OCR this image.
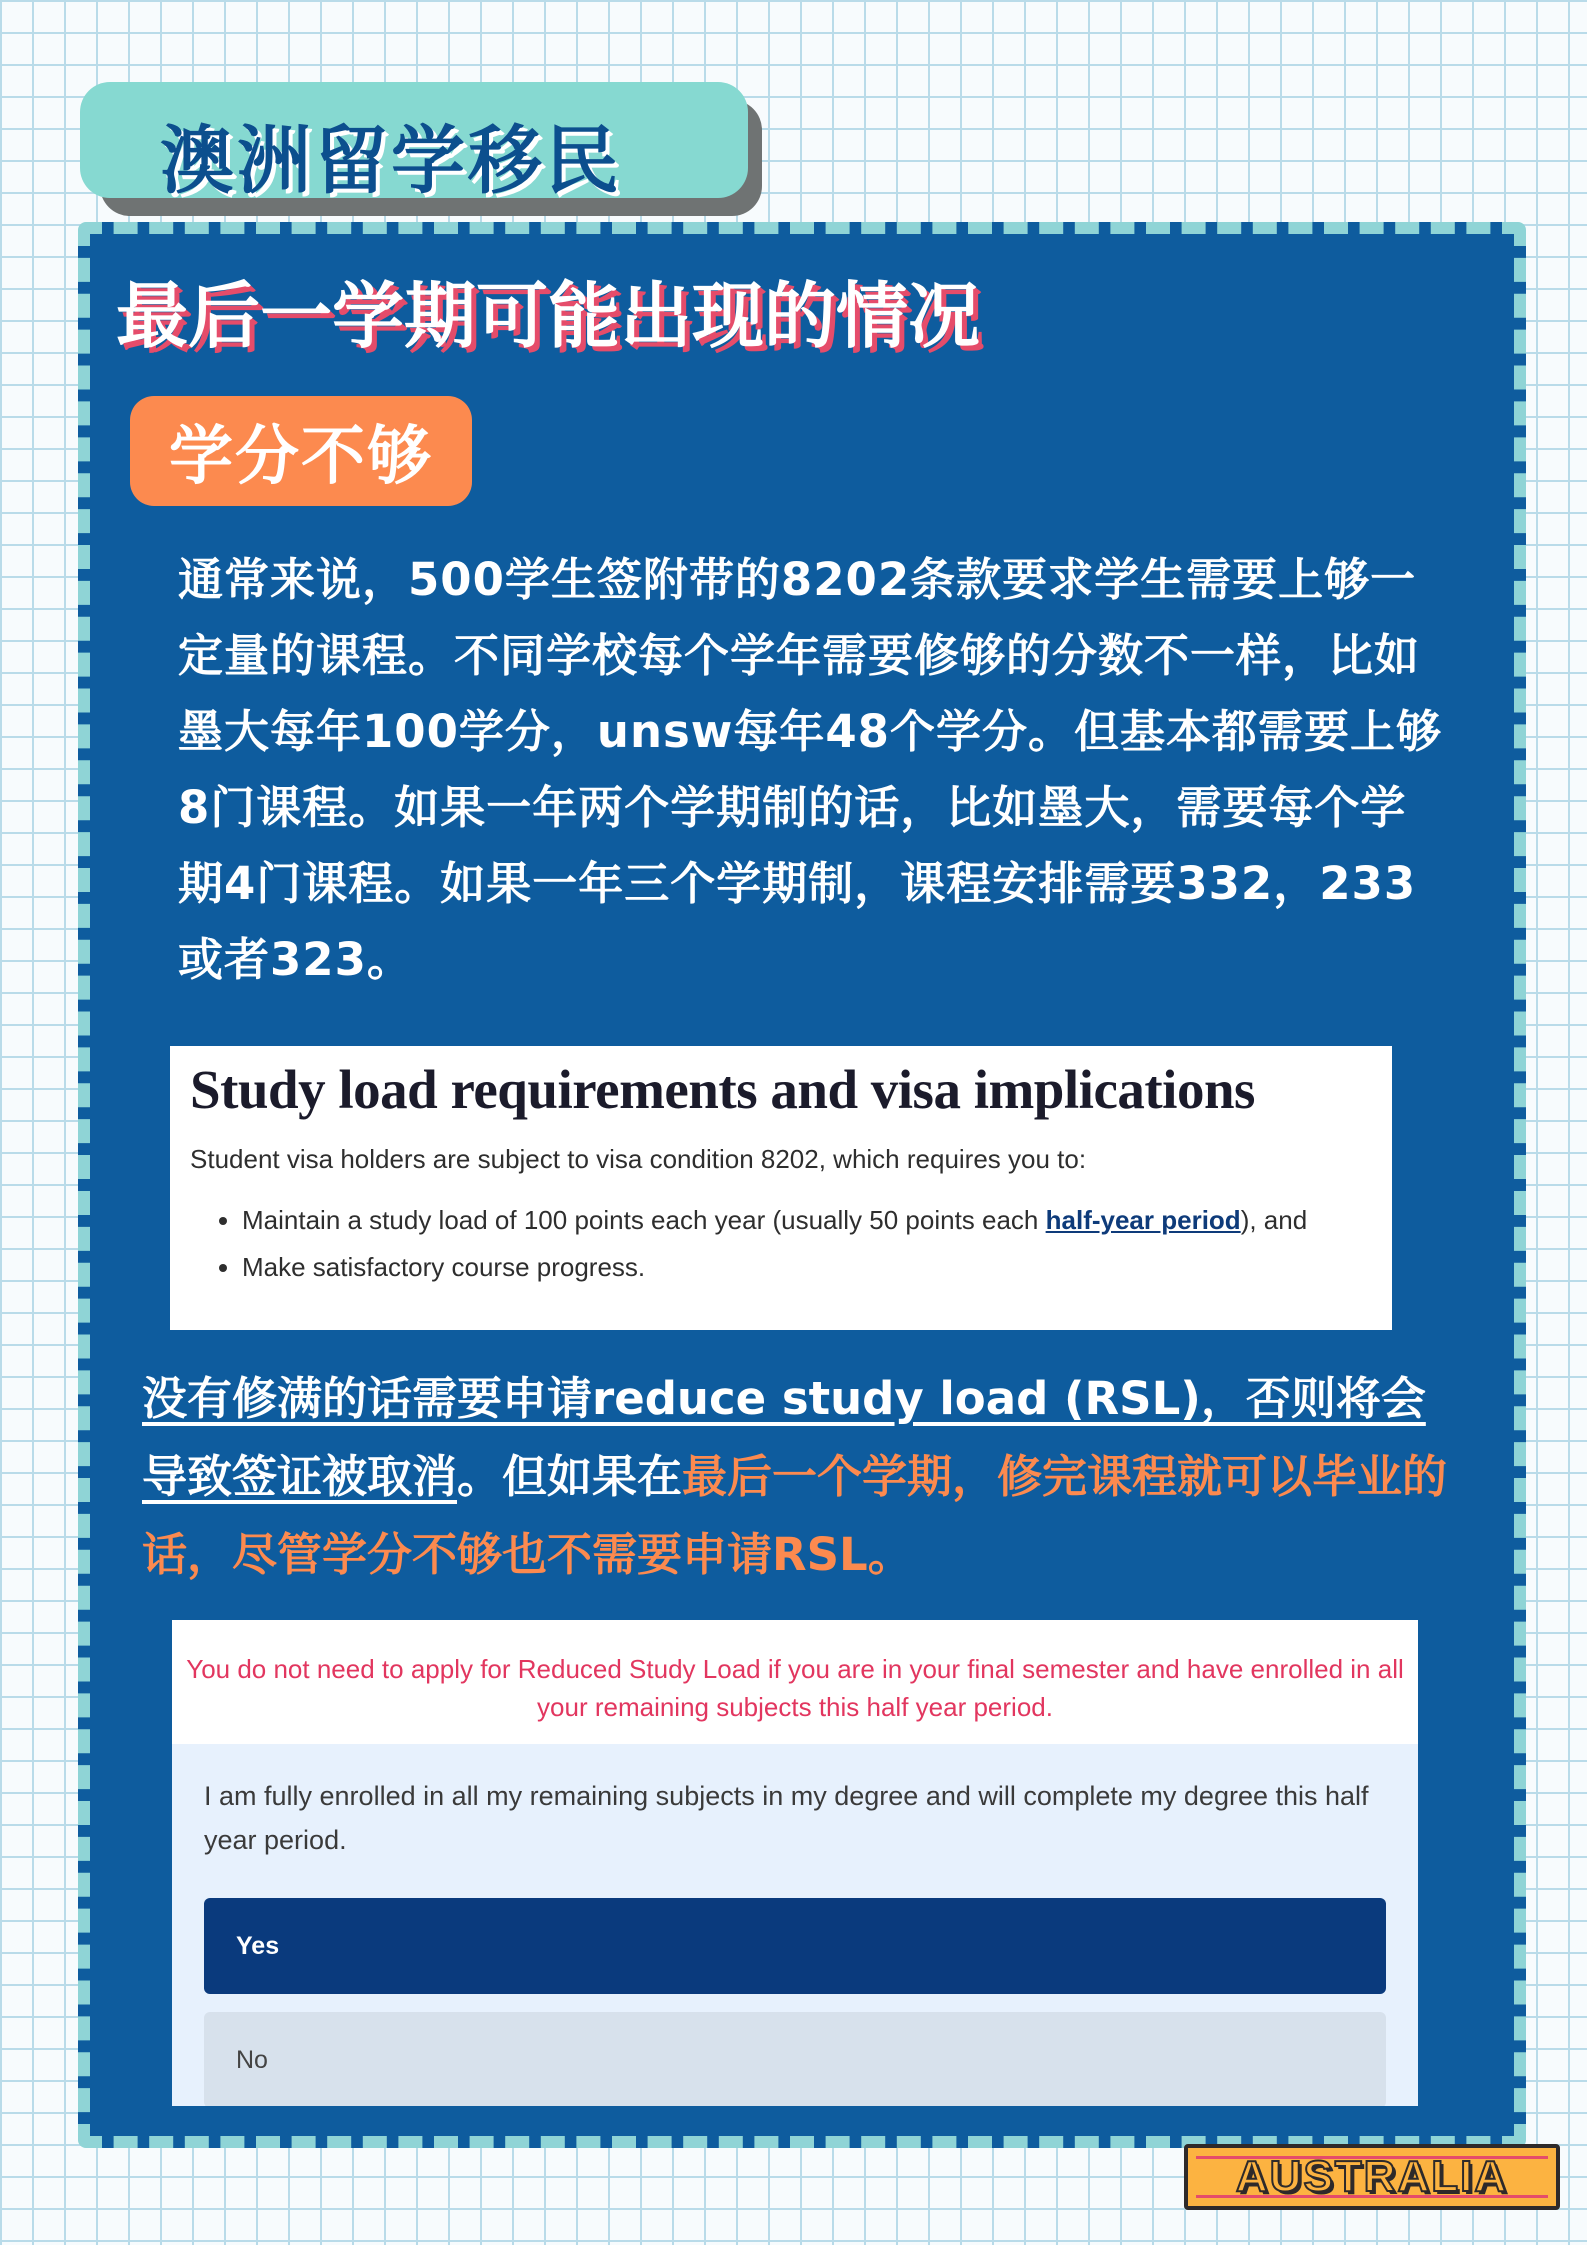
澳洲留学移民
最后一学期可能出现的情况
学分不够

通常来说，500学生签附带的8202条款要求学生需要上够一定量的课程。不同学校每个学年需要修够的分数不一样，比如墨大每年100学分，unsw每年48个学分。但基本都需要上够8门课程。如果一年两个学期制的话，比如墨大，需要每个学期4门课程。如果一年三个学期制，课程安排需要332，233或者323。

Study load requirements and visa implications

Student visa holders are subject to visa condition 8202, which requires you to:

• Maintain a study load of 100 points each year (usually 50 points each half-year period), and
• Make satisfactory course progress.

没有修满的话需要申请reduce study load (RSL)，否则将会导致签证被取消。但如果在最后一个学期，修完课程就可以毕业的话，尽管学分不够也不需要申请RSL。

You do not need to apply for Reduced Study Load if you are in your final semester and have enrolled in all your remaining subjects this half year period.

I am fully enrolled in all my remaining subjects in my degree and will complete my degree this half year period.

Yes
No
AUSTRALIA
